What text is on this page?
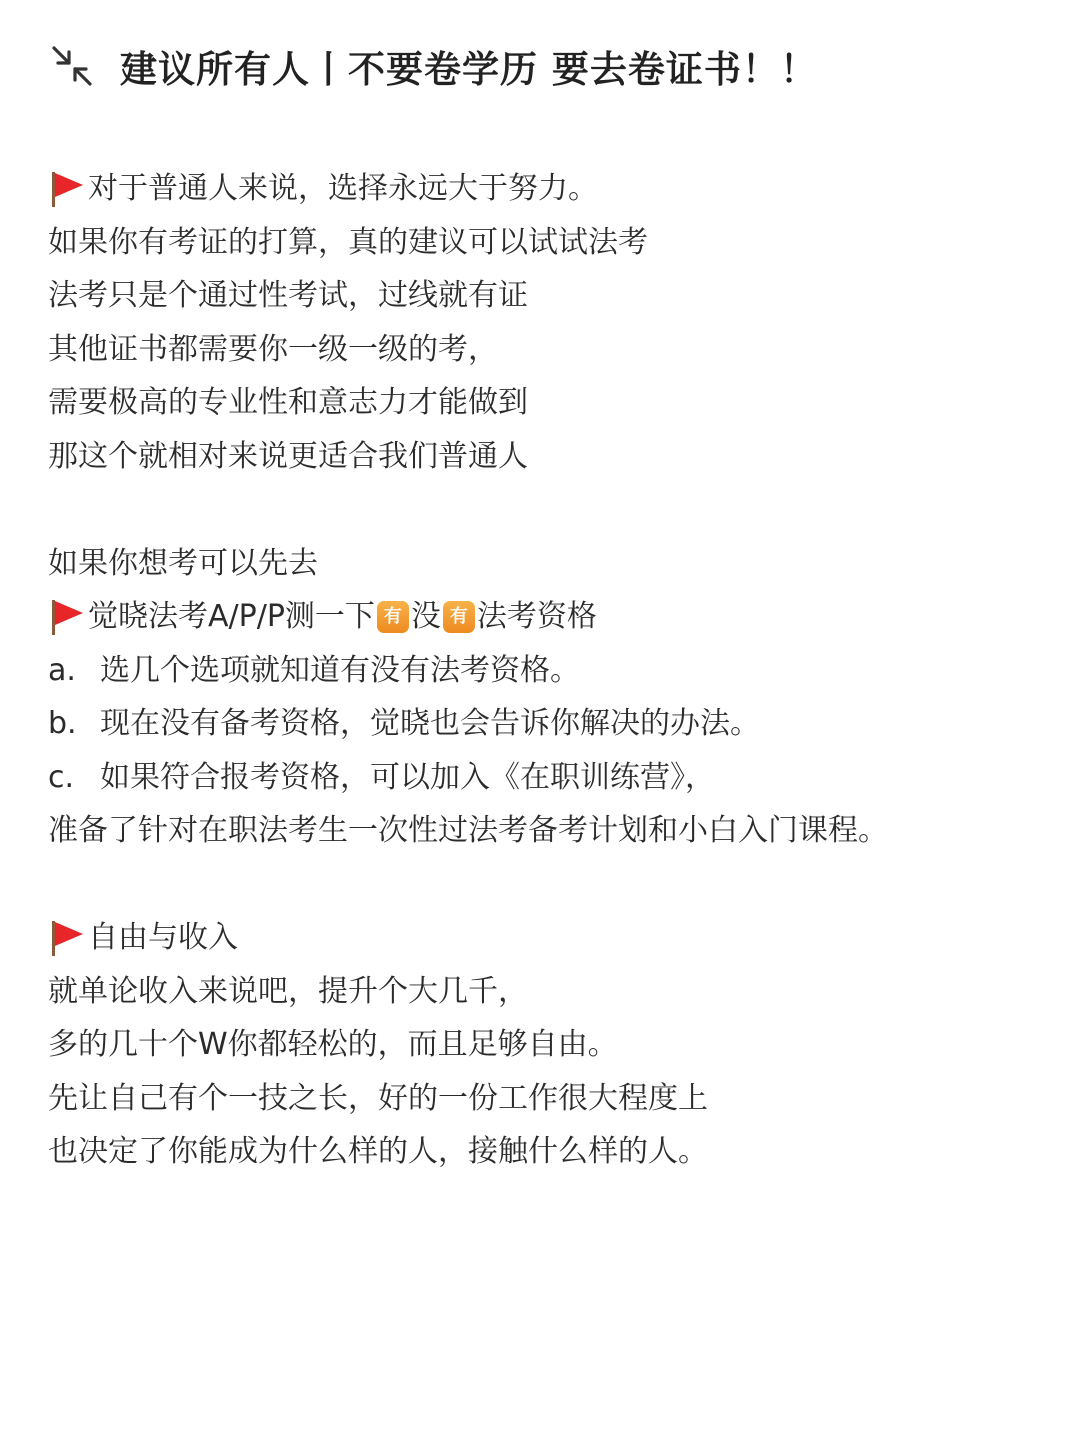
建议所有人丨不要卷学历 要去卷证书！！
对于普通人来说，选择永远大于努力。
如果你有考证的打算，真的建议可以试试法考
法考只是个通过性考试，过线就有证
其他证书都需要你一级一级的考，
需要极高的专业性和意志力才能做到
那这个就相对来说更适合我们普通人
如果你想考可以先去
觉晓法考A/P/P测一下 有 没 有 法考资格
a. 选几个选项就知道有没有法考资格。
b. 现在没有备考资格，觉晓也会告诉你解决的办法。
c. 如果符合报考资格，可以加入《在职训练营》，
准备了针对在职法考生一次性过法考备考计划和小白入门课程。
自由与收入
就单论收入来说吧，提升个大几千，
多的几十个W你都轻松的，而且足够自由。
先让自己有个一技之长，好的一份工作很大程度上
也决定了你能成为什么样的人，接触什么样的人。
